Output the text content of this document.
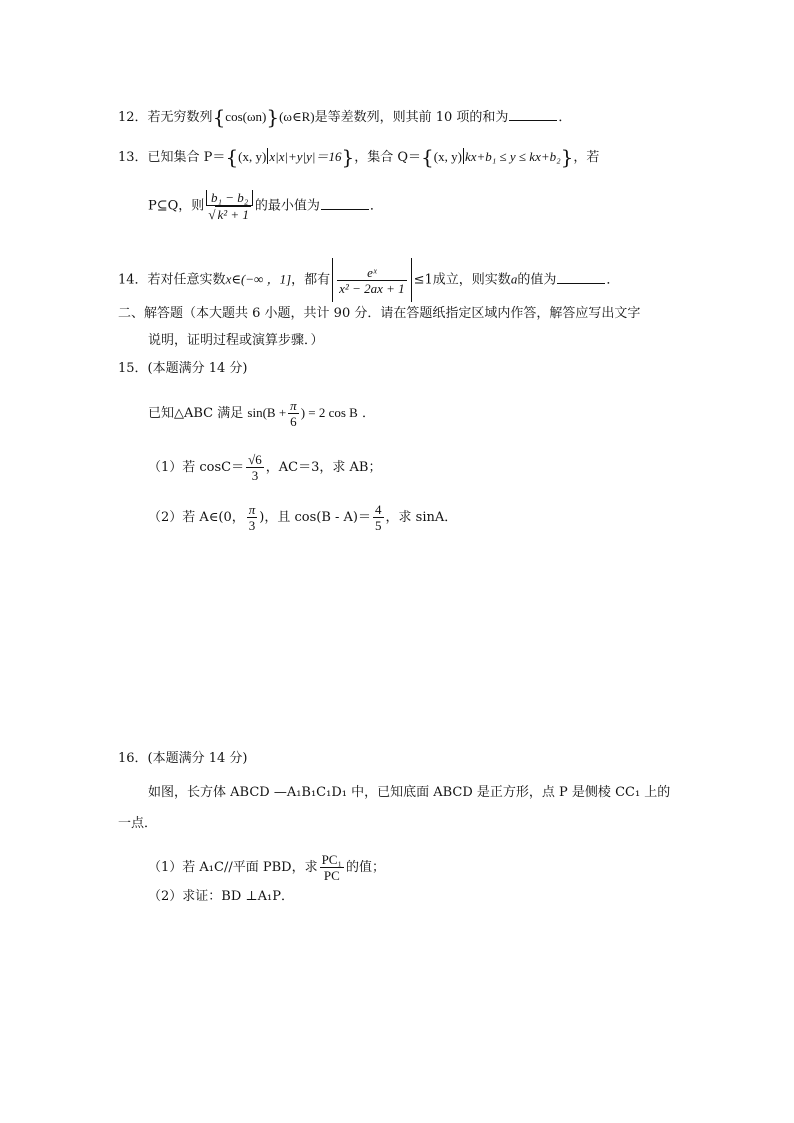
12．若无穷数列{cos(ωn)}(ω∈R)是等差数列，则其前 10 项的和为	．
13．已知集合 P＝{(x, y) x|x|+y|y|＝16}，集合 Q＝{(x, y) kx+b₁ ≤ y ≤ kx+b₂}，若
P⊆Q，则 $\frac{\text{b₁ − b₂}}{\text{√ k² + 1}}$ 的最小值为	．
14．若对任意实数x∈(−∞ ，1]，都有 $\frac{\text{eˣ}}{\text{x² − 2ax + 1}} \le 1$成立，则实数a的值为	．
二、解答题（本大题共 6 小题，共计 90 分．请在答题纸指定区域内作答，解答应写出文字
说明，证明过程或演算步骤．）
15．(本题满分 14 分)
已知△ABC 满足 $\sin(B + \frac{\pi}{6}$ ) = 2 cos B ．
（1）若 $\cos C= \frac{√6}{3}$ ，AC＝3，求 AB；
（2）若 A∈(0， $\frac{\pi}{3}$ )，且 $\cos(B - A)= \frac{4}{5}$ ，求 sinA．
16．(本题满分 14 分)
如图，长方体 ABCD —A₁B₁C₁D₁ 中，已知底面 ABCD 是正方形，点 P 是侧棱 CC₁ 上的
一点．
（1）若 A₁C//平面 PBD，求 $\frac{\text{PC₁}}{PC}$ 的值；
（2）求证：BD ⊥A₁P．
